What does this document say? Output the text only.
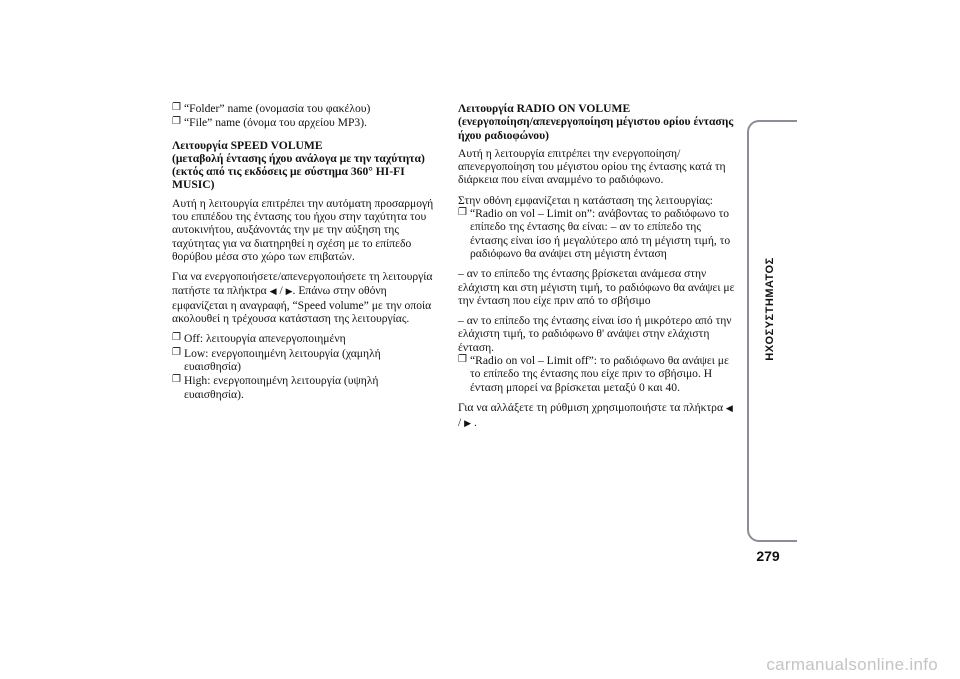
❐ “Folder” name (ονομασία του φακέλου)
❐ “File” name (όνομα του αρχείου MP3).
Λειτουργία SPEED VOLUME
(μεταβολή έντασης ήχου ανάλογα με την ταχύτητα)
(εκτός από τις εκδόσεις με σύστημα 360° HI-FI MUSIC)

Αυτή η λειτουργία επιτρέπει την αυτόματη προσαρμογή του επιπέδου της έντασης του ήχου στην ταχύτητα του αυτοκινήτου, αυξάνοντάς την με την αύξηση της ταχύτητας για να διατηρηθεί η σχέση με το επίπεδο θορύβου μέσα στο χώρο των επιβατών.

Για να ενεργοποιήσετε/απενεργοποιήσετε τη λειτουργία πατήστε τα πλήκτρα ◀ / ▶. Επάνω στην οθόνη εμφανίζεται η αναγραφή, “Speed volume” με την οποία ακολουθεί η τρέχουσα κατάσταση της λειτουργίας.

❐ Off: λειτουργία απενεργοποιημένη
❐ Low: ενεργοποιημένη λειτουργία (χαμηλή ευαισθησία)
❐ High: ενεργοποιημένη λειτουργία (υψηλή ευαισθησία).
Λειτουργία RADIO ON VOLUME
(ενεργοποίηση/απενεργοποίηση μέγιστου ορίου έντασης ήχου ραδιοφώνου)

Αυτή η λειτουργία επιτρέπει την ενεργοποίηση/απενεργοποίηση του μέγιστου ορίου της έντασης κατά τη διάρκεια που είναι αναμμένο το ραδιόφωνο.

Στην οθόνη εμφανίζεται η κατάσταση της λειτουργίας:

❐ “Radio on vol – Limit on”: ανάβοντας το ραδιόφωνο το επίπεδο της έντασης θα είναι: – αν το επίπεδο της έντασης είναι ίσο ή μεγαλύτερο από τη μέγιστη τιμή, το ραδιόφωνο θα ανάψει στη μέγιστη ένταση

– αν το επίπεδο της έντασης βρίσκεται ανάμεσα στην ελάχιστη και στη μέγιστη τιμή, το ραδιόφωνο θα ανάψει με την ένταση που είχε πριν από το σβήσιμο

– αν το επίπεδο της έντασης είναι ίσο ή μικρότερο από την ελάχιστη τιμή, το ραδιόφωνο θ' ανάψει στην ελάχιστη ένταση.

❐ “Radio on vol – Limit off”: το ραδιόφωνο θα ανάψει με το επίπεδο της έντασης που είχε πριν το σβήσιμο. Η ένταση μπορεί να βρίσκεται μεταξύ 0 και 40.

Για να αλλάξετε τη ρύθμιση χρησιμοποιήστε τα πλήκτρα ◀ / ▶ .

ΗΧΟΣΥΣΤΗΜΑΤΟΣ
279
carmanualsonline.info
